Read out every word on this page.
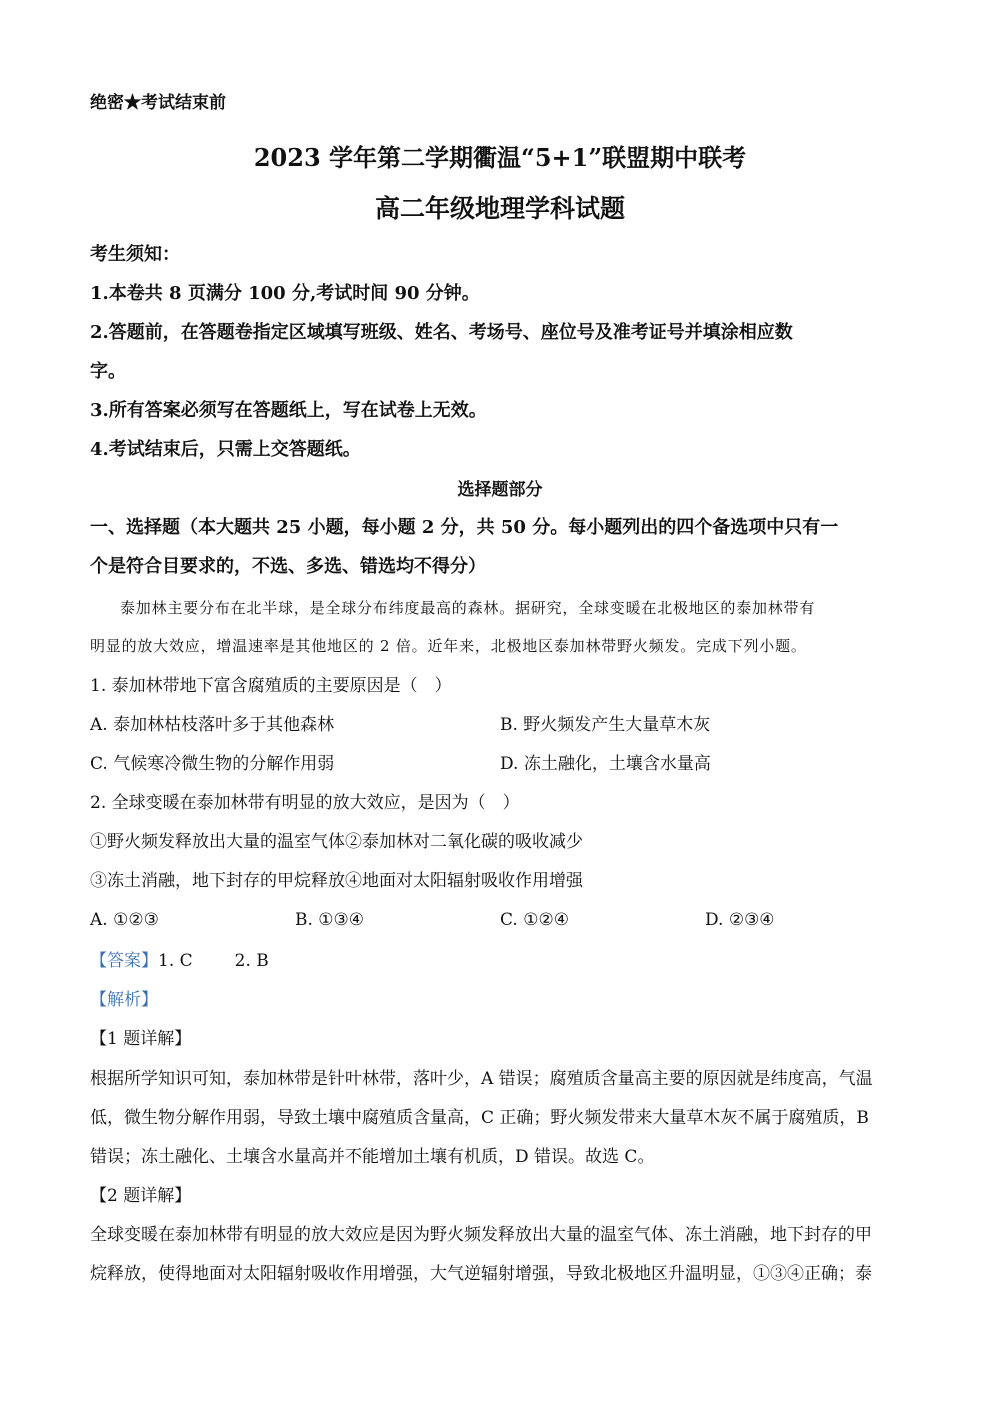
绝密★考试结束前
2023 学年第二学期衢温“5+1”联盟期中联考
高二年级地理学科试题
考生须知：
1.本卷共 8 页满分 100 分,考试时间 90 分钟。
2.答题前，在答题卷指定区域填写班级、姓名、考场号、座位号及准考证号并填涂相应数
字。
3.所有答案必须写在答题纸上，写在试卷上无效。
4.考试结束后，只需上交答题纸。
选择题部分
一、选择题（本大题共 25 小题，每小题 2 分，共 50 分。每小题列出的四个备选项中只有一
个是符合目要求的，不选、多选、错选均不得分）
泰加林主要分布在北半球，是全球分布纬度最高的森林。据研究，全球变暖在北极地区的泰加林带有
明显的放大效应，增温速率是其他地区的 2 倍。近年来，北极地区泰加林带野火频发。完成下列小题。
1. 泰加林带地下富含腐殖质的主要原因是（　）
A. 泰加林枯枝落叶多于其他森林	B. 野火频发产生大量草木灰
C. 气候寒冷微生物的分解作用弱	D. 冻土融化，土壤含水量高
2. 全球变暖在泰加林带有明显的放大效应，是因为（　）
①野火频发释放出大量的温室气体②泰加林对二氧化碳的吸收减少
③冻土消融，地下封存的甲烷释放④地面对太阳辐射吸收作用增强
A. ①②③	B. ①③④	C. ①②④	D. ②③④
【答案】1. C 2. B
【解析】
【1 题详解】
根据所学知识可知，泰加林带是针叶林带，落叶少，A 错误；腐殖质含量高主要的原因就是纬度高，气温
低，微生物分解作用弱，导致土壤中腐殖质含量高，C 正确；野火频发带来大量草木灰不属于腐殖质，B
错误；冻土融化、土壤含水量高并不能增加土壤有机质，D 错误。故选 C。
【2 题详解】
全球变暖在泰加林带有明显的放大效应是因为野火频发释放出大量的温室气体、冻土消融，地下封存的甲
烷释放，使得地面对太阳辐射吸收作用增强，大气逆辐射增强，导致北极地区升温明显，①③④正确；泰
